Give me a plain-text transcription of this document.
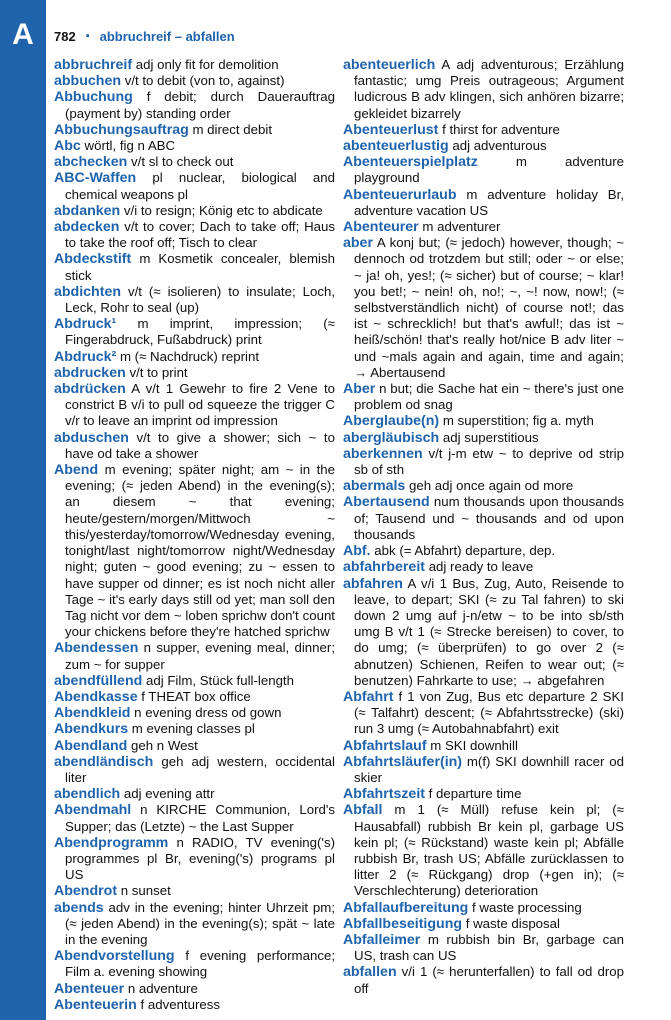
A	782 ▪ abbruchreif – abfallen
abbruchreif adj only fit for demolition
abbuchen v/t to debit (von to, against)
Abbuchung f debit; durch Dauerauftrag (payment by) standing order
Abbuchungsauftrag m direct debit
Abc wörtl, fig n ABC
abchecken v/t sl to check out
ABC-Waffen pl nuclear, biological and chemical weapons pl
abdanken v/i to resign; König etc to abdicate
abdecken v/t to cover; Dach to take off; Haus to take the roof off; Tisch to clear
Abdeckstift m Kosmetik concealer, blemish stick
abdichten v/t (≈ isolieren) to insulate; Loch, Leck, Rohr to seal (up)
Abdruck¹ m imprint, impression; (≈ Fingerabdruck, Fußabdruck) print
Abdruck² m (≈ Nachdruck) reprint
abdrucken v/t to print
abdrücken A v/t 1 Gewehr to fire 2 Vene to constrict B v/i to pull od squeeze the trigger C v/r to leave an imprint od impression
abduschen v/t to give a shower; sich ~ to have od take a shower
Abend m evening; später night; am ~ in the evening; (≈ jeden Abend) in the evening(s); an diesem ~ that evening; heute/gestern/morgen/Mittwoch ~ this/yesterday/tomorrow/Wednesday evening, tonight/last night/tomorrow night/Wednesday night; guten ~ good evening; zu ~ essen to have supper od dinner; es ist noch nicht aller Tage ~ it's early days still od yet; man soll den Tag nicht vor dem ~ loben sprichw don't count your chickens before they're hatched sprichw
Abendessen n supper, evening meal, dinner; zum ~ for supper
abendfüllend adj Film, Stück full-length
Abendkasse f THEAT box office
Abendkleid n evening dress od gown
Abendkurs m evening classes pl
Abendland geh n West
abendländisch geh adj western, occidental liter
abendlich adj evening attr
Abendmahl n KIRCHE Communion, Lord's Supper; das (Letzte) ~ the Last Supper
Abendprogramm n RADIO, TV evening('s) programmes pl Br, evening('s) programs pl US
Abendrot n sunset
abends adv in the evening; hinter Uhrzeit pm; (≈ jeden Abend) in the evening(s); spät ~ late in the evening
Abendvorstellung f evening performance; Film a. evening showing
Abenteuer n adventure
Abenteuerin f adventuress
abenteuerlich A adj adventurous; Erzählung fantastic; umg Preis outrageous; Argument ludicrous B adv klingen, sich anhören bizarre; gekleidet bizarrely
Abenteuerlust f thirst for adventure
abenteuerlustig adj adventurous
Abenteuerspielplatz	m adventure playground
Abenteuerurlaub m adventure holiday Br, adventure vacation US
Abenteurer m adventurer
aber A konj but; (≈ jedoch) however, though; ~ dennoch od trotzdem but still; oder ~ or else; ~ ja! oh, yes!; (≈ sicher) but of course; ~ klar! you bet!; ~ nein! oh, no!; ~, ~! now, now!; (≈ selbstverständlich nicht) of course not!; das ist ~ schrecklich! but that's awful!; das ist ~ heiß/schön! that's really hot/nice B adv liter ~ und ~mals again and again, time and again; → Abertausend
Aber n but; die Sache hat ein ~ there's just one problem od snag
Aberglaube(n) m superstition; fig a. myth
abergläubisch adj superstitious
aberkennen v/t j-m etw ~ to deprive od strip sb of sth
abermals geh adj once again od more
Abertausend num thousands upon thousands of; Tausend und ~ thousands and od upon thousands
Abf. abk (= Abfahrt) departure, dep.
abfahrbereit adj ready to leave
abfahren A v/i 1 Bus, Zug, Auto, Reisende to leave, to depart; SKI (≈ zu Tal fahren) to ski down 2 umg auf j-n/etw ~ to be into sb/sth umg B v/t 1 (≈ Strecke bereisen) to cover, to do umg; (≈ überprüfen) to go over 2 (≈ abnutzen) Schienen, Reifen to wear out; (≈ benutzen) Fahrkarte to use; → abgefahren
Abfahrt f 1 von Zug, Bus etc departure 2 SKI (≈ Talfahrt) descent; (≈ Abfahrtsstrecke) (ski) run 3 umg (≈ Autobahnabfahrt) exit
Abfahrtslauf m SKI downhill
Abfahrtsläufer(in) m(f) SKI downhill racer od skier
Abfahrtszeit f departure time
Abfall m 1 (≈ Müll) refuse kein pl; (≈ Hausabfall) rubbish Br kein pl, garbage US kein pl; (≈ Rückstand) waste kein pl; Abfälle rubbish Br, trash US; Abfälle zurücklassen to litter 2 (≈ Rückgang) drop (+gen in); (≈ Verschlechterung) deterioration
Abfallaufbereitung f waste processing
Abfallbeseitigung f waste disposal
Abfalleimer m rubbish bin Br, garbage can US, trash can US
abfallen v/i 1 (≈ herunterfallen) to fall od drop off
